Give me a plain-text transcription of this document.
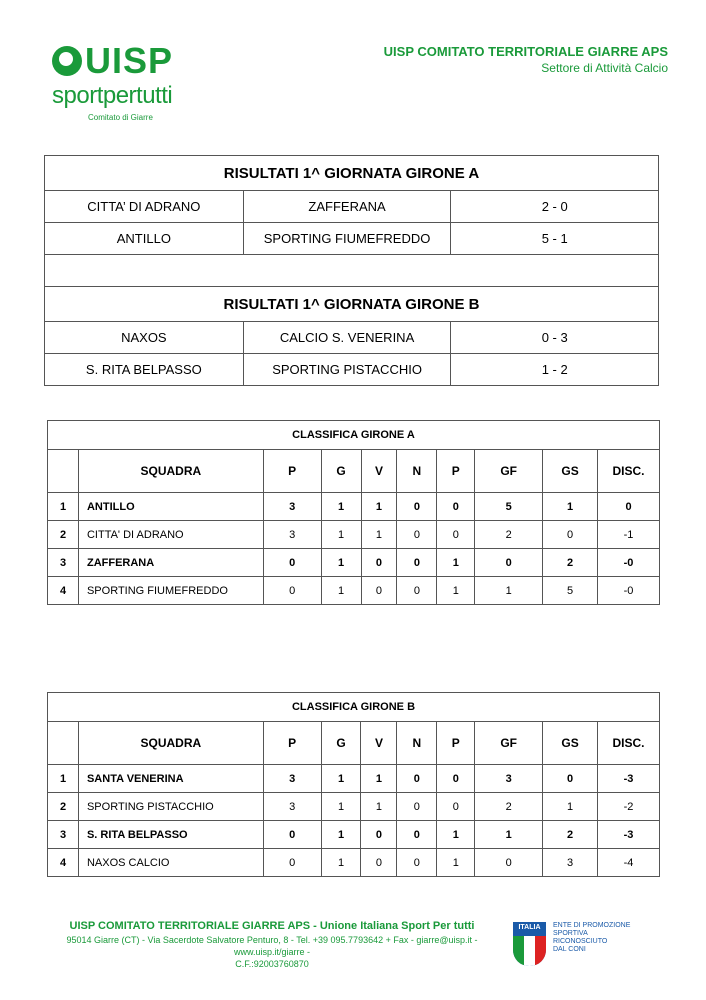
UISP
sportpertutti
Comitato di Giarre
UISP COMITATO TERRITORIALE GIARRE APS
Settore di Attività Calcio
RISULTATI 1^ GIORNATA GIRONE A		
CITTA’ DI ADRANO	ZAFFERANA	2 - 0
ANTILLO	SPORTING FIUMEFREDDO	5 - 1

RISULTATI 1^ GIORNATA GIRONE B		
NAXOS	CALCIO S. VENERINA	0 - 3
S. RITA BELPASSO	SPORTING PISTACCHIO	1 - 2
CLASSIFICA GIRONE A									
	SQUADRA	P	G	V	N	P	GF	GS	DISC.
1	ANTILLO	3	1	1	0	0	5	1	0
2	CITTA' DI ADRANO	3	1	1	0	0	2	0	-1
3	ZAFFERANA	0	1	0	0	1	0	2	-0
4	SPORTING FIUMEFREDDO	0	1	0	0	1	1	5	-0
CLASSIFICA GIRONE B									
	SQUADRA	P	G	V	N	P	GF	GS	DISC.
1	SANTA VENERINA	3	1	1	0	0	3	0	-3
2	SPORTING PISTACCHIO	3	1	1	0	0	2	1	-2
3	S. RITA BELPASSO	0	1	0	0	1	1	2	-3
4	NAXOS CALCIO	0	1	0	0	1	0	3	-4
UISP COMITATO TERRITORIALE GIARRE APS - Unione Italiana Sport Per tutti
95014 Giarre (CT) - Via Sacerdote Salvatore Penturo, 8 - Tel. +39 095.7793642 + Fax - giarre@uisp.it - www.uisp.it/giarre -
C.F.:92003760870
ITALIA	ENTE DI PROMOZIONE
SPORTIVA
RICONOSCIUTO
DAL CONI
